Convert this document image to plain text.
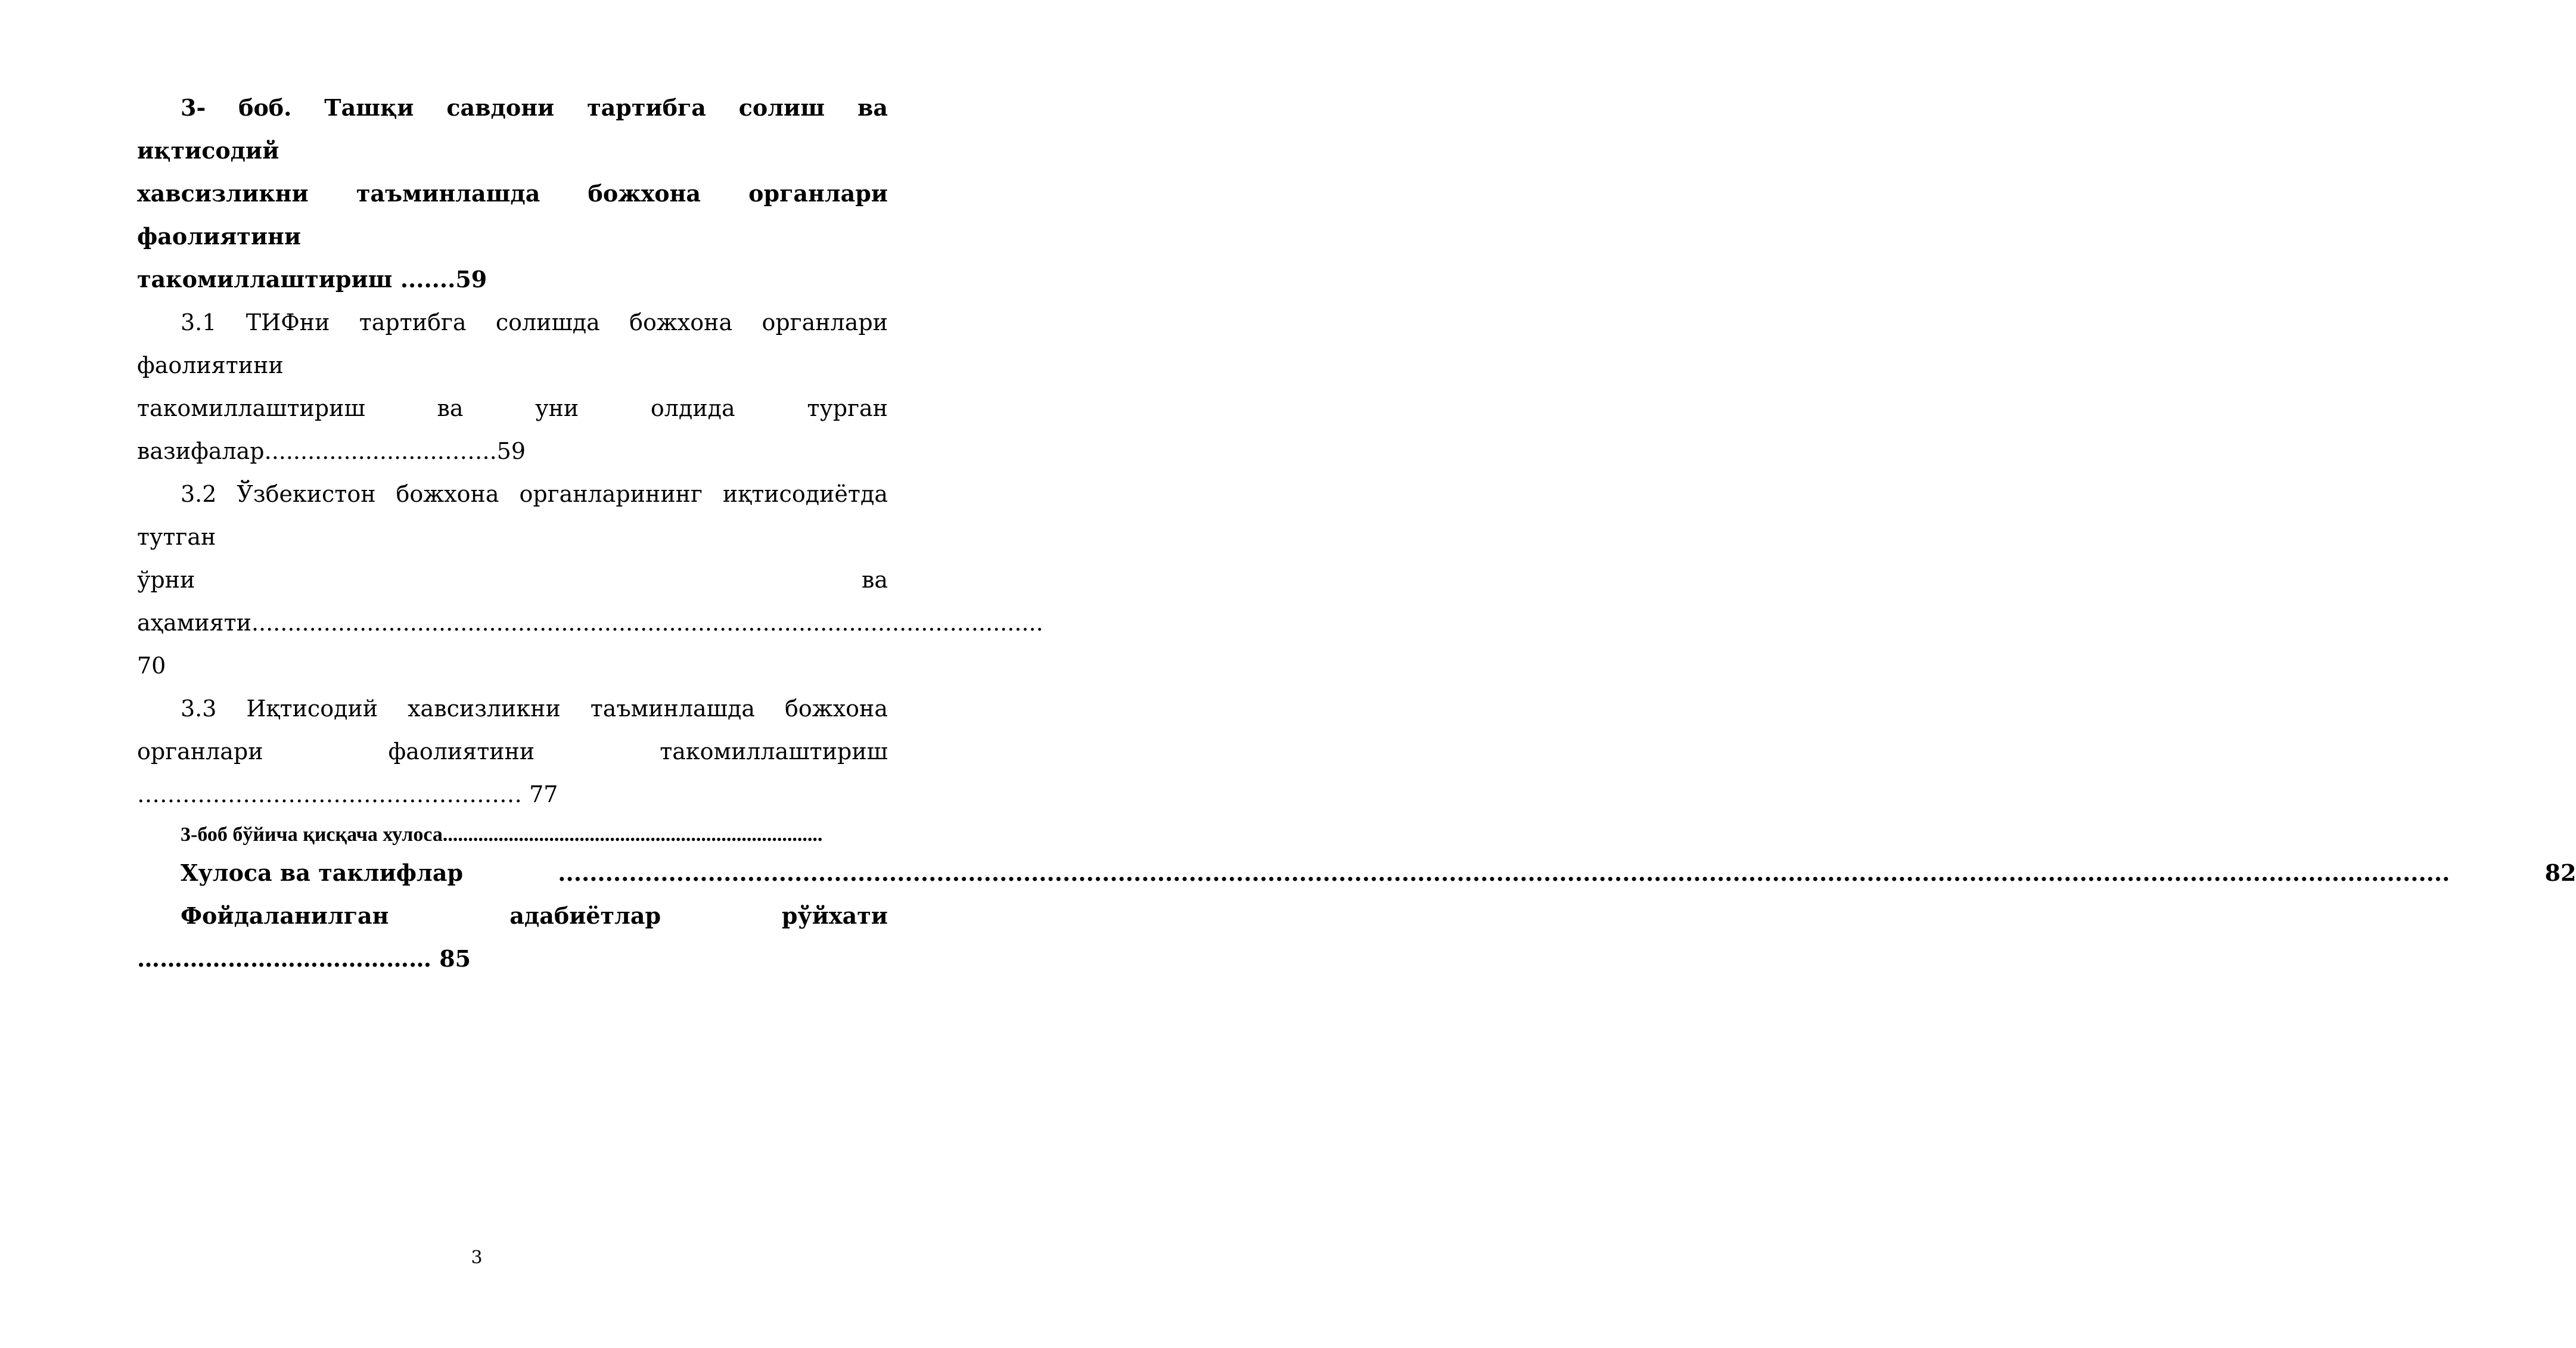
3- боб. Ташқи савдони тартибга солиш ва иқтисодий
хавсизликни таъминлашда божхона органлари фаолиятини
такомиллаштириш .......59

3.1 ТИФни тартибга солишда божхона органлари фаолиятини
такомиллаштириш ва уни олдида турган
вазифалар........................……..59

3.2 Ўзбекистон божхона органларининг иқтисодиётда тутган
ўрни	ва
аҳамияти..............................................................................................................
70

3.3 Иқтисодий хавсизликни таъминлашда божхона
органлари фаолиятини такомиллаштириш
…………………………………………… 77

3-боб бўйича қисқача хулоса...........................................................................

Хулоса ва таклифлар
.....
	82

Фойдаланилган адабиётлар рўйхати
………………………………… 85

3
